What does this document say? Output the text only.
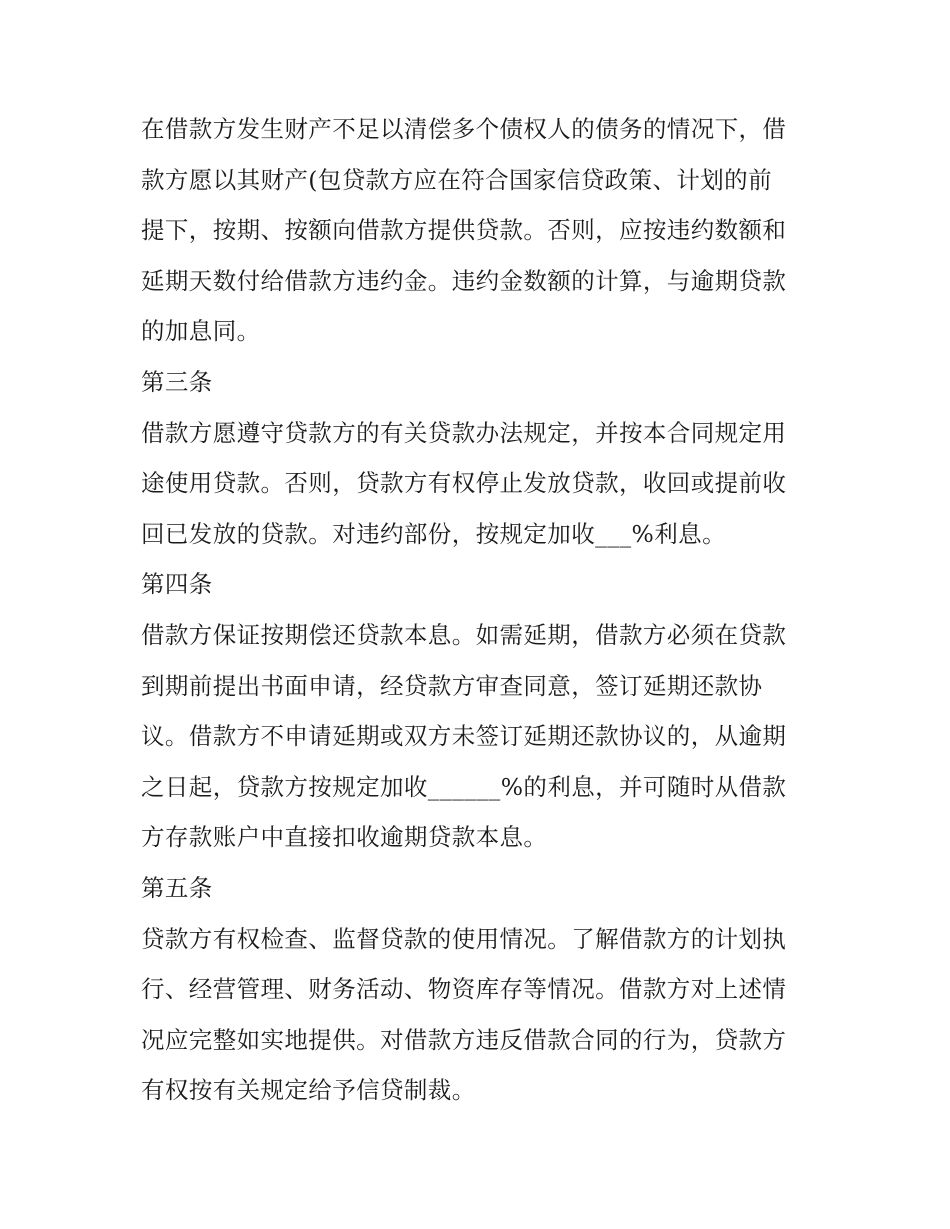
在借款方发生财产不足以清偿多个债权人的债务的情况下，借
款方愿以其财产(包贷款方应在符合国家信贷政策、计划的前
提下，按期、按额向借款方提供贷款。否则，应按违约数额和
延期天数付给借款方违约金。违约金数额的计算，与逾期贷款
的加息同。
第三条
借款方愿遵守贷款方的有关贷款办法规定，并按本合同规定用
途使用贷款。否则，贷款方有权停止发放贷款，收回或提前收
回已发放的贷款。对违约部份，按规定加收___%利息。
第四条
借款方保证按期偿还贷款本息。如需延期，借款方必须在贷款
到期前提出书面申请，经贷款方审查同意，签订延期还款协
议。借款方不申请延期或双方未签订延期还款协议的，从逾期
之日起，贷款方按规定加收______%的利息，并可随时从借款
方存款账户中直接扣收逾期贷款本息。
第五条
贷款方有权检查、监督贷款的使用情况。了解借款方的计划执
行、经营管理、财务活动、物资库存等情况。借款方对上述情
况应完整如实地提供。对借款方违反借款合同的行为，贷款方
有权按有关规定给予信贷制裁。
